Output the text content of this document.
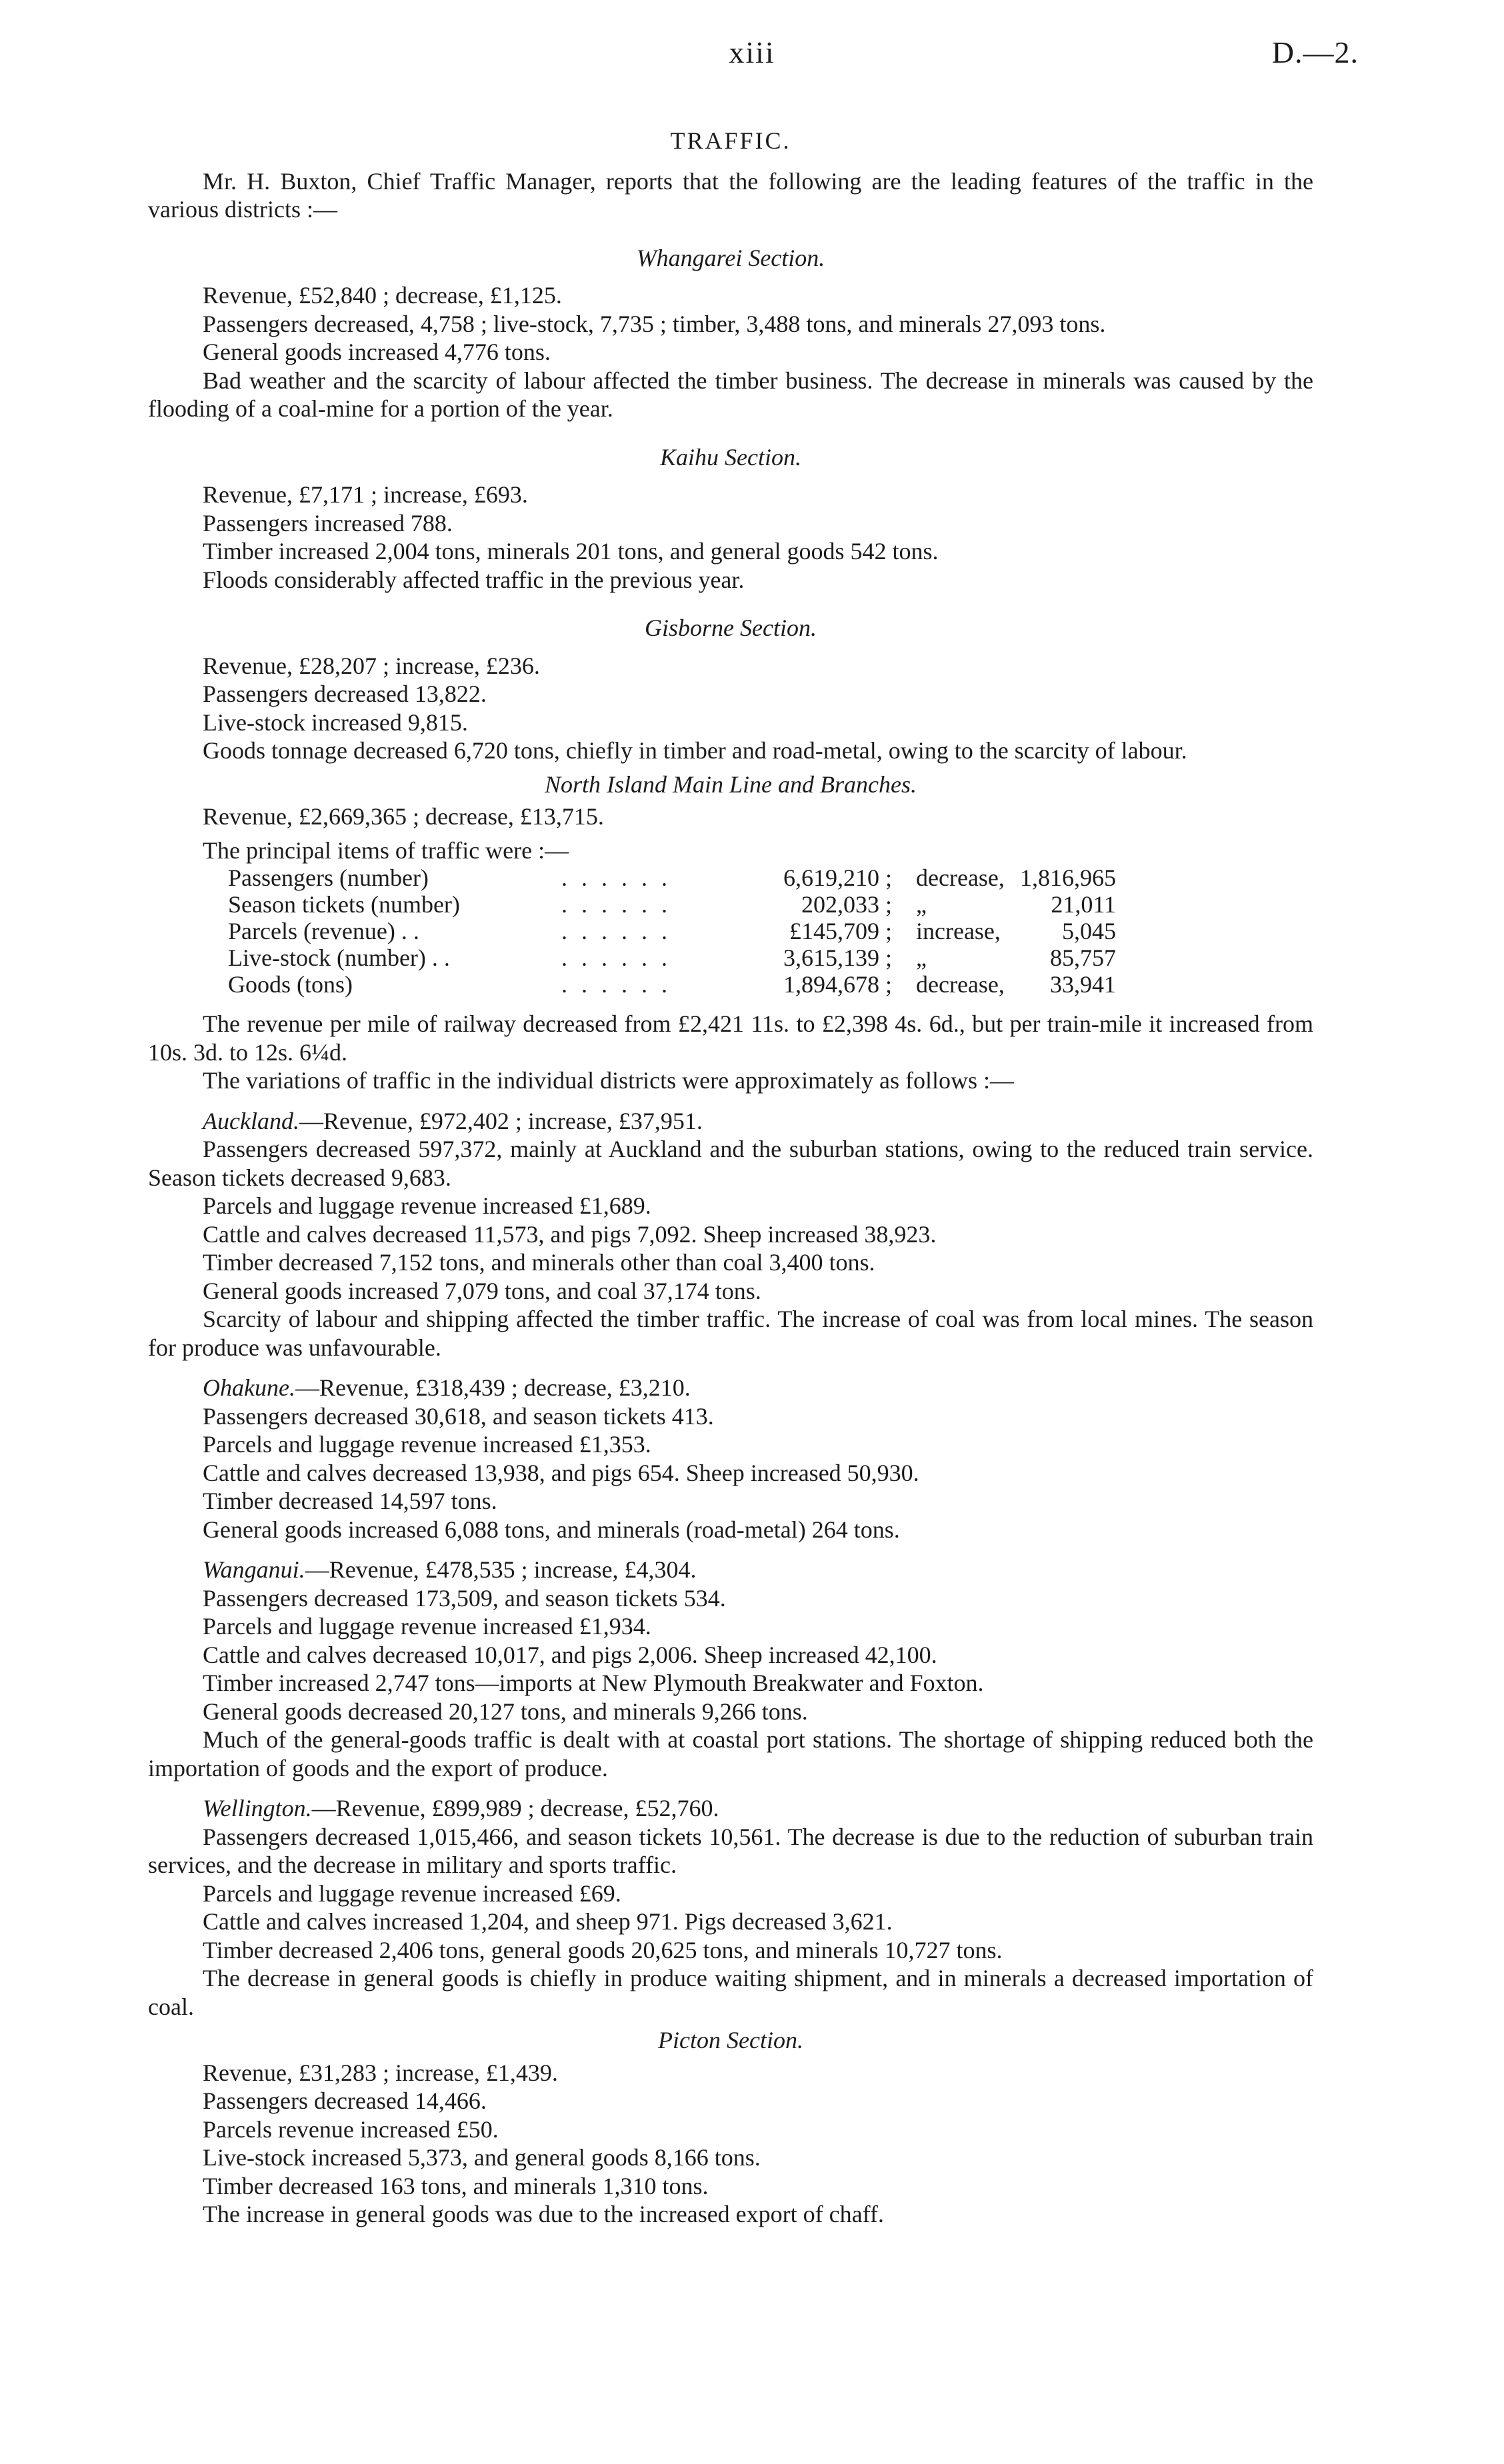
xiii	D.—2.
TRAFFIC.

Mr. H. Buxton, Chief Traffic Manager, reports that the following are the leading features of the traffic in the various districts :—

Whangarei Section.

Revenue, £52,840 ; decrease, £1,125.

Passengers decreased, 4,758 ; live-stock, 7,735 ; timber, 3,488 tons, and minerals 27,093 tons.

General goods increased 4,776 tons.

Bad weather and the scarcity of labour affected the timber business. The decrease in minerals was caused by the flooding of a coal-mine for a portion of the year.

Kaihu Section.

Revenue, £7,171 ; increase, £693.

Passengers increased 788.

Timber increased 2,004 tons, minerals 201 tons, and general goods 542 tons.

Floods considerably affected traffic in the previous year.

Gisborne Section.

Revenue, £28,207 ; increase, £236.

Passengers decreased 13,822.

Live-stock increased 9,815.

Goods tonnage decreased 6,720 tons, chiefly in timber and road-metal, owing to the scarcity of labour.

North Island Main Line and Branches.

Revenue, £2,669,365 ; decrease, £13,715.

The principal items of traffic were :—

Passengers (number)	. . . . . .	6,619,210 ;		decrease,	1,816,965
Season tickets (number)	. . . . . .	202,033 ;		„	21,011
Parcels (revenue) . .	. . . . . .	£145,709 ;		increase,	5,045
Live-stock (number) . .	. . . . . .	3,615,139 ;		„	85,757
Goods (tons)	. . . . . .	1,894,678 ;		decrease,	33,941

The revenue per mile of railway decreased from £2,421 11s. to £2,398 4s. 6d., but per train-mile it increased from 10s. 3d. to 12s. 6¼d.

The variations of traffic in the individual districts were approximately as follows :—

Auckland.—Revenue, £972,402 ; increase, £37,951.

Passengers decreased 597,372, mainly at Auckland and the suburban stations, owing to the reduced train service. Season tickets decreased 9,683.

Parcels and luggage revenue increased £1,689.

Cattle and calves decreased 11,573, and pigs 7,092. Sheep increased 38,923.

Timber decreased 7,152 tons, and minerals other than coal 3,400 tons.

General goods increased 7,079 tons, and coal 37,174 tons.

Scarcity of labour and shipping affected the timber traffic. The increase of coal was from local mines. The season for produce was unfavourable.

Ohakune.—Revenue, £318,439 ; decrease, £3,210.

Passengers decreased 30,618, and season tickets 413.

Parcels and luggage revenue increased £1,353.

Cattle and calves decreased 13,938, and pigs 654. Sheep increased 50,930.

Timber decreased 14,597 tons.

General goods increased 6,088 tons, and minerals (road-metal) 264 tons.

Wanganui.—Revenue, £478,535 ; increase, £4,304.

Passengers decreased 173,509, and season tickets 534.

Parcels and luggage revenue increased £1,934.

Cattle and calves decreased 10,017, and pigs 2,006. Sheep increased 42,100.

Timber increased 2,747 tons—imports at New Plymouth Breakwater and Foxton.

General goods decreased 20,127 tons, and minerals 9,266 tons.

Much of the general-goods traffic is dealt with at coastal port stations. The shortage of shipping reduced both the importation of goods and the export of produce.

Wellington.—Revenue, £899,989 ; decrease, £52,760.

Passengers decreased 1,015,466, and season tickets 10,561. The decrease is due to the reduction of suburban train services, and the decrease in military and sports traffic.

Parcels and luggage revenue increased £69.

Cattle and calves increased 1,204, and sheep 971. Pigs decreased 3,621.

Timber decreased 2,406 tons, general goods 20,625 tons, and minerals 10,727 tons.

The decrease in general goods is chiefly in produce waiting shipment, and in minerals a decreased importation of coal.

Picton Section.

Revenue, £31,283 ; increase, £1,439.

Passengers decreased 14,466.

Parcels revenue increased £50.

Live-stock increased 5,373, and general goods 8,166 tons.

Timber decreased 163 tons, and minerals 1,310 tons.

The increase in general goods was due to the increased export of chaff.
